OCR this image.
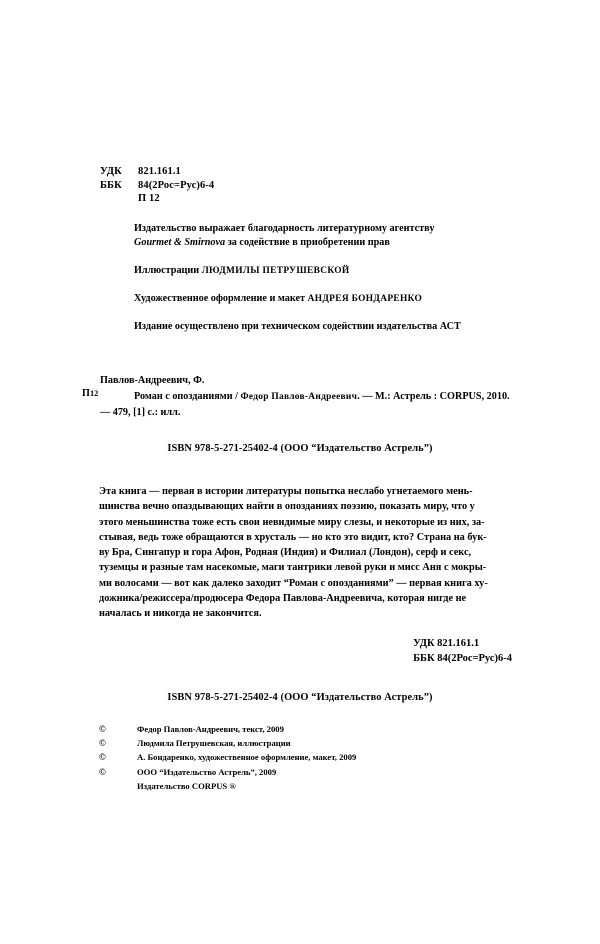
УДК	821.161.1
ББК	84(2Рос=Рус)6-4
П 12
Издательство выражает благодарность литературному агентству
Gourmet & Smirnova за содействие в приобретении прав
Иллюстрации ЛЮДМИЛЫ ПЕТРУШЕВСКОЙ
Художественное оформление и макет АНДРЕЯ БОНДАРЕНКО
Издание осуществлено при техническом содействии издательства АСТ
П12
Павлов-Андреевич, Ф.
Роман с опозданиями / Федор Павлов-Андреевич. — М.: Астрель : CORPUS, 2010. — 479, [1] с.: илл.
ISBN 978-5-271-25402-4 (ООО “Издательство Астрель”)
Эта книга — первая в истории литературы попытка неслабо угнетаемого мень-
шинства вечно опаздывающих найти в опозданиях поэзию, показать миру, что у
этого меньшинства тоже есть свои невидимые миру слезы, и некоторые из них, за-
стывая, ведь тоже обращаются в хрусталь — но кто это видит, кто? Страна на бук-
ву Бра, Сингапур и гора Афон, Родная (Индия) и Филиал (Лондон), серф и секс,
туземцы и разные там насекомые, маги тантрики левой руки и мисс Аня с мокры-
ми волосами — вот как далеко заходит “Роман с опозданиями” — первая книга ху-
дожника/режиссера/продюсера Федора Павлова-Андреевича, которая нигде не
началась и никогда не закончится.
УДК 821.161.1
ББК 84(2Рос=Рус)6-4
ISBN 978-5-271-25402-4 (ООО “Издательство Астрель”)
©	Федор Павлов-Андреевич, текст, 2009
©	Людмила Петрушевская, иллюстрации
©	А. Бондаренко, художественное оформление, макет, 2009
©	ООО “Издательство Астрель”, 2009
Издательство CORPUS ®
